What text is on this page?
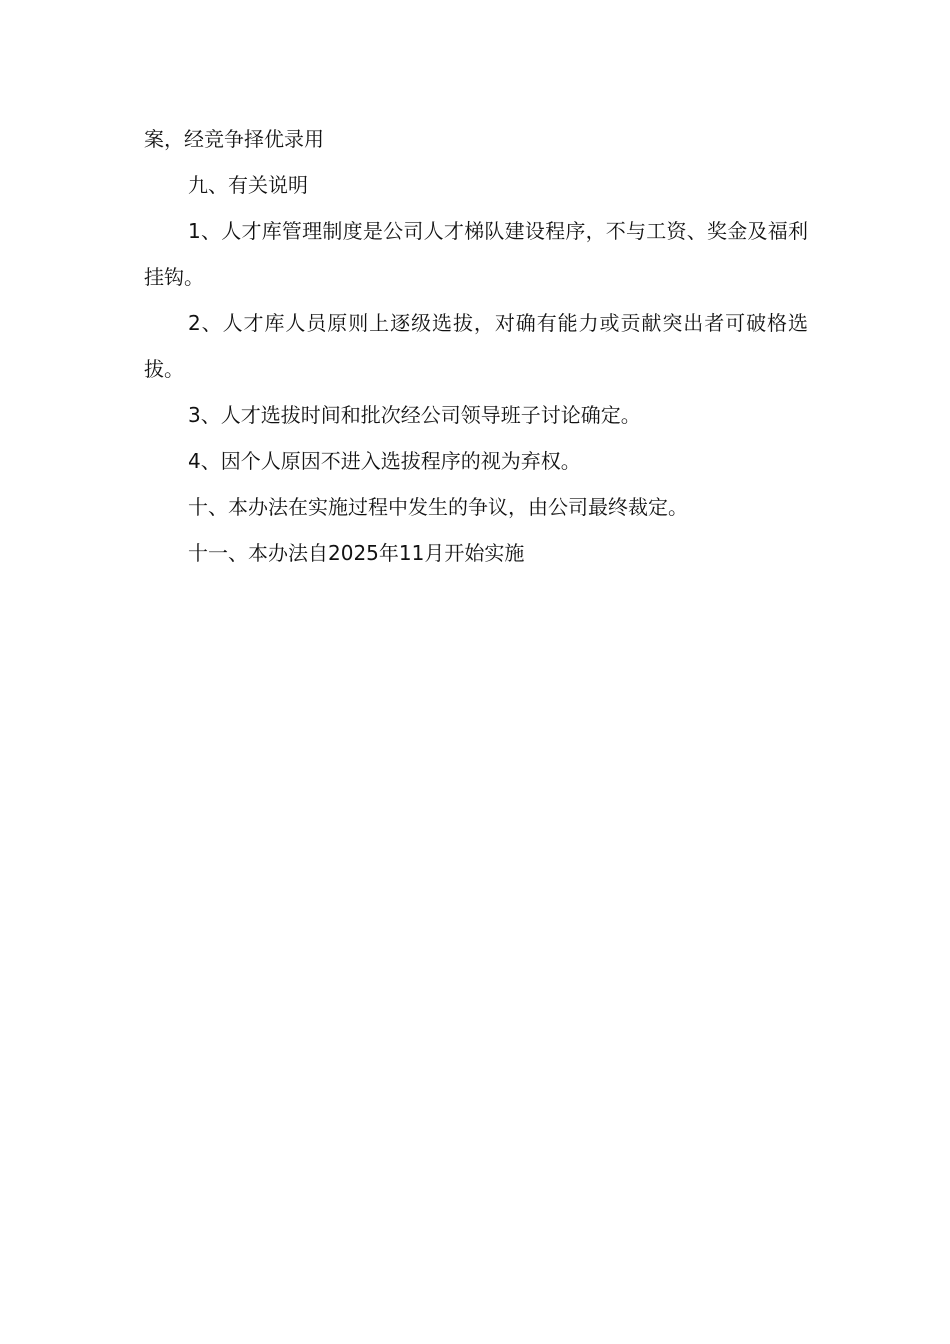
案，经竞争择优录用

九、有关说明

1、人才库管理制度是公司人才梯队建设程序，不与工资、奖金及福利挂钩。

2、人才库人员原则上逐级选拔，对确有能力或贡献突出者可破格选拔。

3、人才选拔时间和批次经公司领导班子讨论确定。

4、因个人原因不进入选拔程序的视为弃权。

十、本办法在实施过程中发生的争议，由公司最终裁定。

十一、本办法自2025年11月开始实施
